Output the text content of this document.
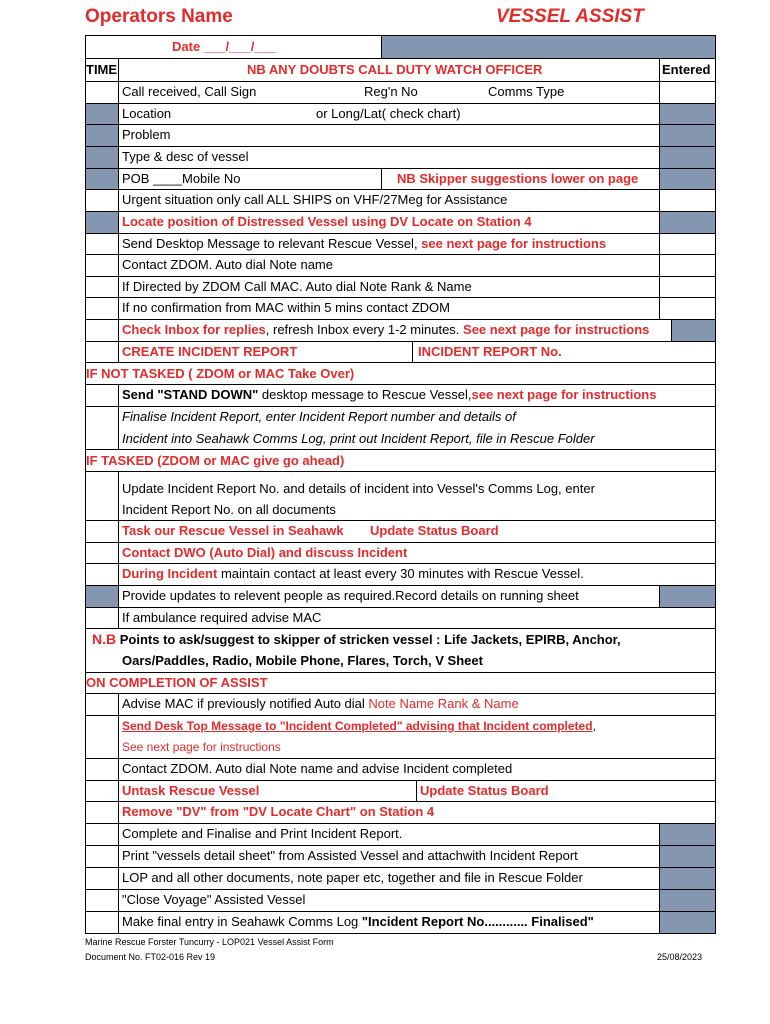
Operators Name	VESSEL ASSIST
Date ___/___/___
TIME	NB ANY DOUBTS CALL DUTY WATCH OFFICER	Entered
Call received, Call Sign	Reg'n No	Comms Type
Location	or Long/Lat( check chart)
Problem
Type & desc of vessel
POB ____Mobile No	NB Skipper suggestions lower on page
Urgent situation only call ALL SHIPS on VHF/27Meg for Assistance
Locate position of Distressed Vessel using DV Locate on Station 4
Send Desktop Message to relevant Rescue Vessel, see next page for instructions
Contact ZDOM. Auto dial Note name
If Directed by ZDOM Call MAC. Auto dial Note Rank & Name
If no confirmation from MAC within 5 mins contact ZDOM
Check Inbox for replies, refresh Inbox every 1-2 minutes. See next page for instructions
CREATE INCIDENT REPORT	INCIDENT REPORT No.
IF NOT TASKED ( ZDOM or MAC Take Over)
Send "STAND DOWN" desktop message to Rescue Vessel,see next page for instructions
Finalise Incident Report, enter Incident Report number and details of
Incident into Seahawk Comms Log, print out Incident Report, file in Rescue Folder
IF TASKED (ZDOM or MAC give go ahead)
Update Incident Report No. and details of incident into Vessel's Comms Log, enter
Incident Report No. on all documents
Task our Rescue Vessel in Seahawk Update Status Board
Contact DWO (Auto Dial) and discuss Incident
During Incident maintain contact at least every 30 minutes with Rescue Vessel.
Provide updates to relevent people as required.Record details on running sheet
If ambulance required advise MAC
N.B Points to ask/suggest to skipper of stricken vessel : Life Jackets, EPIRB, Anchor,
Oars/Paddles, Radio, Mobile Phone, Flares, Torch, V Sheet
ON COMPLETION OF ASSIST
Advise MAC if previously notified Auto dial Note Name Rank & Name
Send Desk Top Message to "Incident Completed" advising that Incident completed,
See next page for instructions
Contact ZDOM. Auto dial Note name and advise Incident completed
Untask Rescue Vessel	Update Status Board
Remove "DV" from "DV Locate Chart" on Station 4
Complete and Finalise and Print Incident Report.
Print "vessels detail sheet" from Assisted Vessel and attachwith Incident Report
LOP and all other documents, note paper etc, together and file in Rescue Folder
"Close Voyage" Assisted Vessel
Make final entry in Seahawk Comms Log "Incident Report No............ Finalised"
Marine Rescue Forster Tuncurry - LOP021 Vessel Assist Form
Document No. FT02-016 Rev 19	25/08/2023
